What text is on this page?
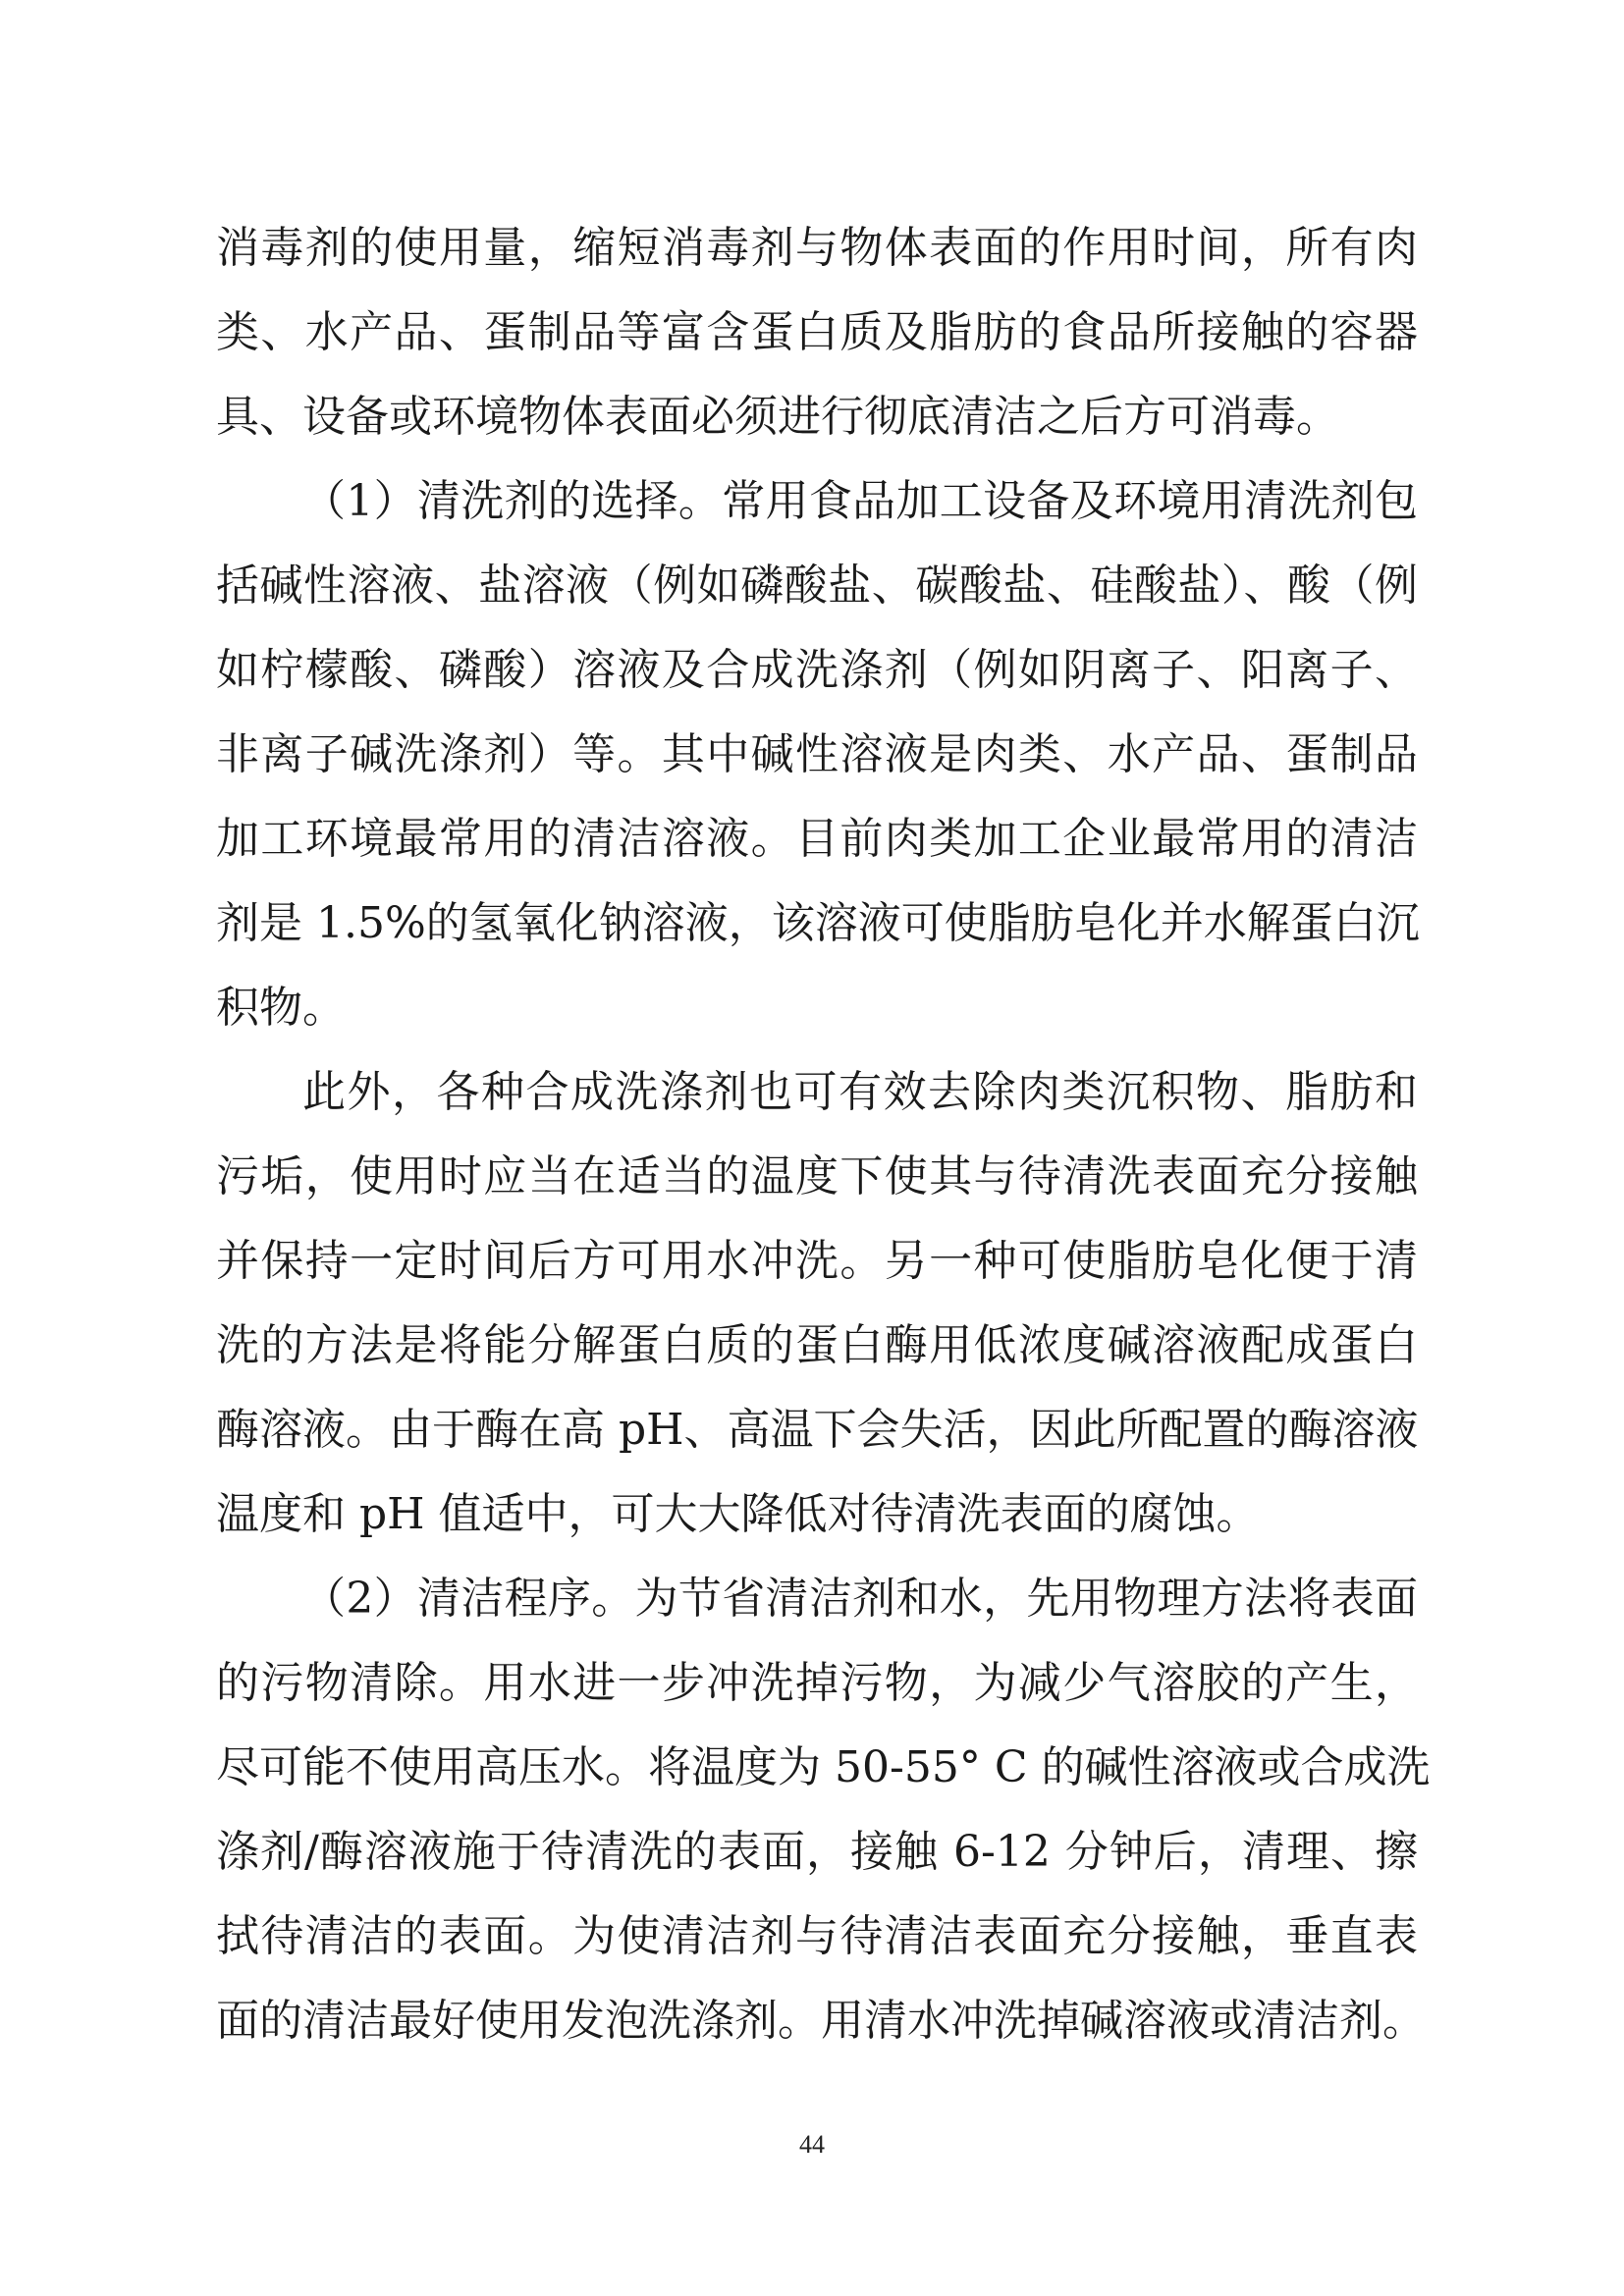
消毒剂的使用量，缩短消毒剂与物体表面的作用时间，所有肉
类、水产品、蛋制品等富含蛋白质及脂肪的食品所接触的容器
具、设备或环境物体表面必须进行彻底清洁之后方可消毒。
（1）清洗剂的选择。常用食品加工设备及环境用清洗剂包
括碱性溶液、盐溶液（例如磷酸盐、碳酸盐、硅酸盐）、酸（例
如柠檬酸、磷酸）溶液及合成洗涤剂（例如阴离子、阳离子、
非离子碱洗涤剂）等。其中碱性溶液是肉类、水产品、蛋制品
加工环境最常用的清洁溶液。目前肉类加工企业最常用的清洁
剂是 1.5%的氢氧化钠溶液，该溶液可使脂肪皂化并水解蛋白沉
积物。
此外，各种合成洗涤剂也可有效去除肉类沉积物、脂肪和
污垢，使用时应当在适当的温度下使其与待清洗表面充分接触
并保持一定时间后方可用水冲洗。另一种可使脂肪皂化便于清
洗的方法是将能分解蛋白质的蛋白酶用低浓度碱溶液配成蛋白
酶溶液。由于酶在高 pH、高温下会失活，因此所配置的酶溶液
温度和 pH 值适中，可大大降低对待清洗表面的腐蚀。
（2）清洁程序。为节省清洁剂和水，先用物理方法将表面
的污物清除。用水进一步冲洗掉污物，为减少气溶胶的产生，
尽可能不使用高压水。将温度为 50-55° C 的碱性溶液或合成洗
涤剂/酶溶液施于待清洗的表面，接触 6-12 分钟后，清理、擦
拭待清洁的表面。为使清洁剂与待清洁表面充分接触，垂直表
面的清洁最好使用发泡洗涤剂。用清水冲洗掉碱溶液或清洁剂。
44
